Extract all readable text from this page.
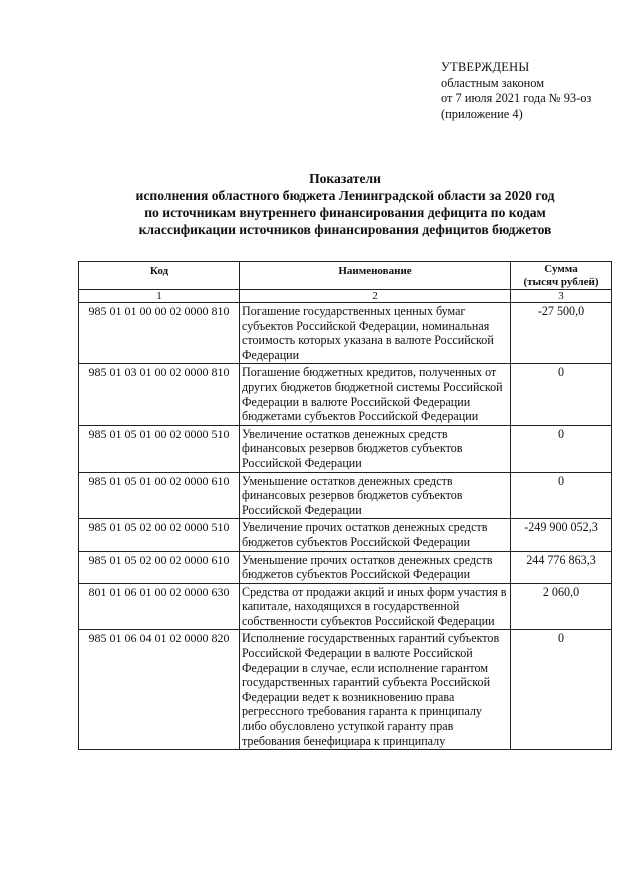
УТВЕРЖДЕНЫ
областным законом
от 7 июля 2021 года № 93-оз
(приложение 4)
Показатели
исполнения областного бюджета Ленинградской области за 2020 год
по источникам внутреннего финансирования дефицита по кодам
классификации источников финансирования дефицитов бюджетов
Код	Наименование	Сумма
(тысяч рублей)

1	2	3
985 01 01 00 00 02 0000 810	Погашение государственных ценных бумаг субъектов Российской Федерации, номинальная стоимость которых указана в валюте Российской Федерации	-27 500,0
985 01 03 01 00 02 0000 810	Погашение бюджетных кредитов, полученных от других бюджетов бюджетной системы Российской Федерации в валюте Российской Федерации бюджетами субъектов Российской Федерации	0
985 01 05 01 00 02 0000 510	Увеличение остатков денежных средств финансовых резервов бюджетов субъектов Российской Федерации	0
985 01 05 01 00 02 0000 610	Уменьшение остатков денежных средств финансовых резервов бюджетов субъектов Российской Федерации	0
985 01 05 02 00 02 0000 510	Увеличение прочих остатков денежных средств бюджетов субъектов Российской Федерации	-249 900 052,3
985 01 05 02 00 02 0000 610	Уменьшение прочих остатков денежных средств бюджетов субъектов Российской Федерации	244 776 863,3
801 01 06 01 00 02 0000 630	Средства от продажи акций и иных форм участия в капитале, находящихся в государственной собственности субъектов Российской Федерации	2 060,0
985 01 06 04 01 02 0000 820	Исполнение государственных гарантий субъектов Российской Федерации в валюте Российской Федерации в случае, если исполнение гарантом государственных гарантий субъекта Российской Федерации ведет к возникновению права регрессного требования гаранта к принципалу либо обусловлено уступкой гаранту прав требования бенефициара к принципалу	0
